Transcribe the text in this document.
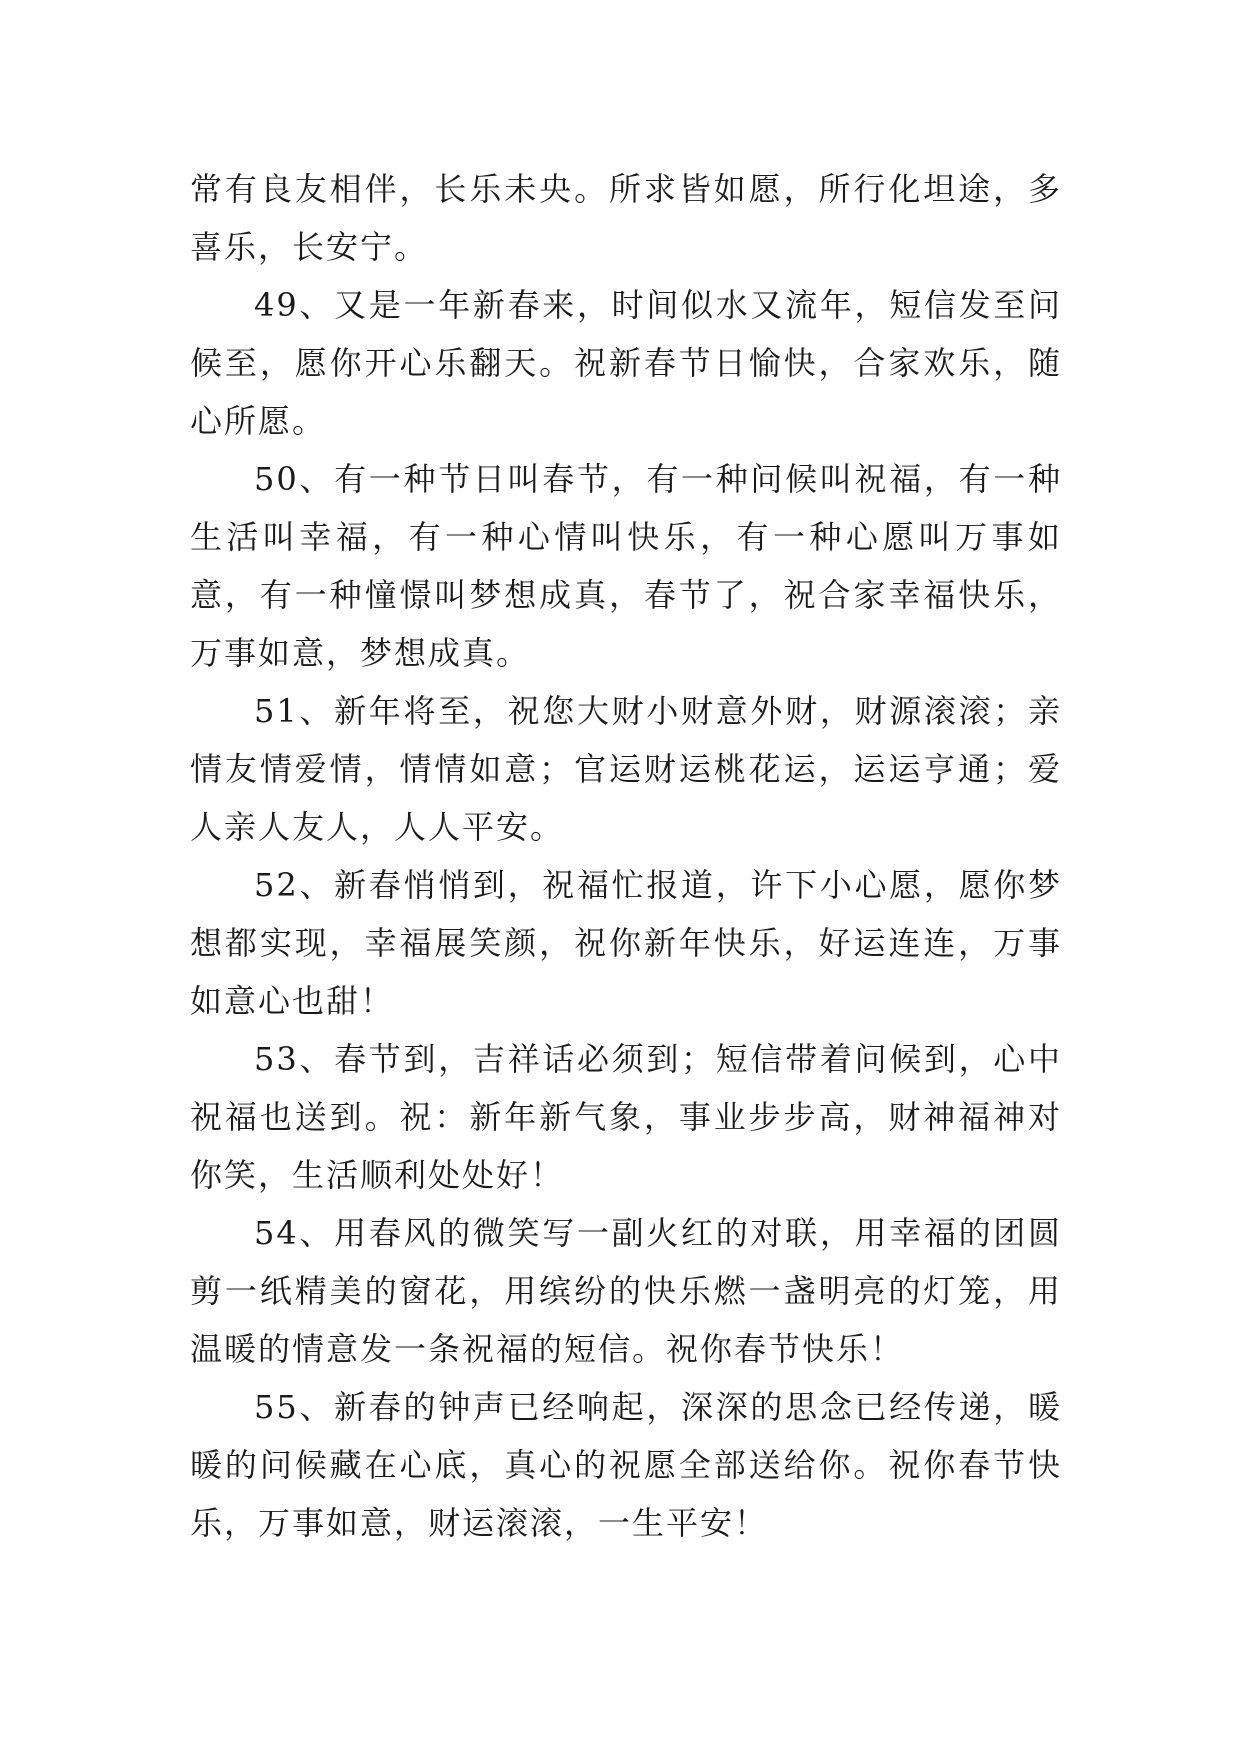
常有良友相伴，长乐未央。所求皆如愿，所行化坦途，多喜乐，长安宁。

49、又是一年新春来，时间似水又流年，短信发至问候至，愿你开心乐翻天。祝新春节日愉快，合家欢乐，随心所愿。

50、有一种节日叫春节，有一种问候叫祝福，有一种生活叫幸福，有一种心情叫快乐，有一种心愿叫万事如意，有一种憧憬叫梦想成真，春节了，祝合家幸福快乐，万事如意，梦想成真。

51、新年将至，祝您大财小财意外财，财源滚滚；亲情友情爱情，情情如意；官运财运桃花运，运运亨通；爱人亲人友人，人人平安。

52、新春悄悄到，祝福忙报道，许下小心愿，愿你梦想都实现，幸福展笑颜，祝你新年快乐，好运连连，万事如意心也甜！

53、春节到，吉祥话必须到；短信带着问候到，心中祝福也送到。祝：新年新气象，事业步步高，财神福神对你笑，生活顺利处处好！

54、用春风的微笑写一副火红的对联，用幸福的团圆剪一纸精美的窗花，用缤纷的快乐燃一盏明亮的灯笼，用温暖的情意发一条祝福的短信。祝你春节快乐！

55、新春的钟声已经响起，深深的思念已经传递，暖暖的问候藏在心底，真心的祝愿全部送给你。祝你春节快乐，万事如意，财运滚滚，一生平安！
